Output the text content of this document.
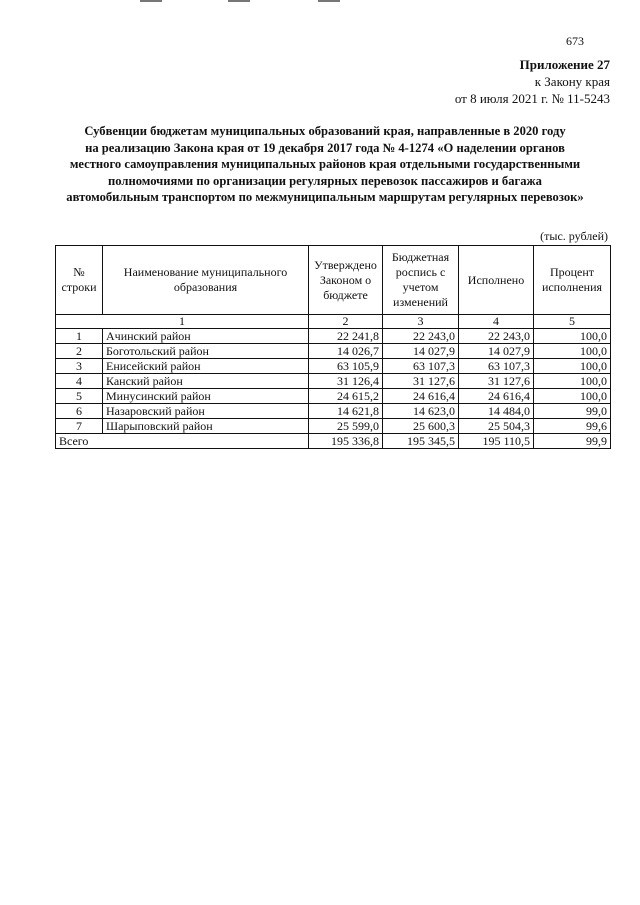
673
Приложение 27
к Закону края
от 8 июля 2021 г. № 11-5243
Субвенции бюджетам муниципальных образований края, направленные в 2020 году
на реализацию Закона края от 19 декабря 2017 года № 4-1274 «О наделении органов
местного самоуправления муниципальных районов края отдельными государственными
полномочиями по организации регулярных перевозок пассажиров и багажа
автомобильным транспортом по межмуниципальным маршрутам регулярных перевозок»
(тыс. рублей)
№ строки	Наименование муниципального образования	Утверждено Законом о бюджете	Бюджетная роспись с учетом изменений	Исполнено	Процент исполнения
1		2	3	4	5
1	Ачинский район	22 241,8	22 243,0	22 243,0	100,0
2	Боготольский район	14 026,7	14 027,9	14 027,9	100,0
3	Енисейский район	63 105,9	63 107,3	63 107,3	100,0
4	Канский район	31 126,4	31 127,6	31 127,6	100,0
5	Минусинский район	24 615,2	24 616,4	24 616,4	100,0
6	Назаровский район	14 621,8	14 623,0	14 484,0	99,0
7	Шарыповский район	25 599,0	25 600,3	25 504,3	99,6
Всего		195 336,8	195 345,5	195 110,5	99,9
